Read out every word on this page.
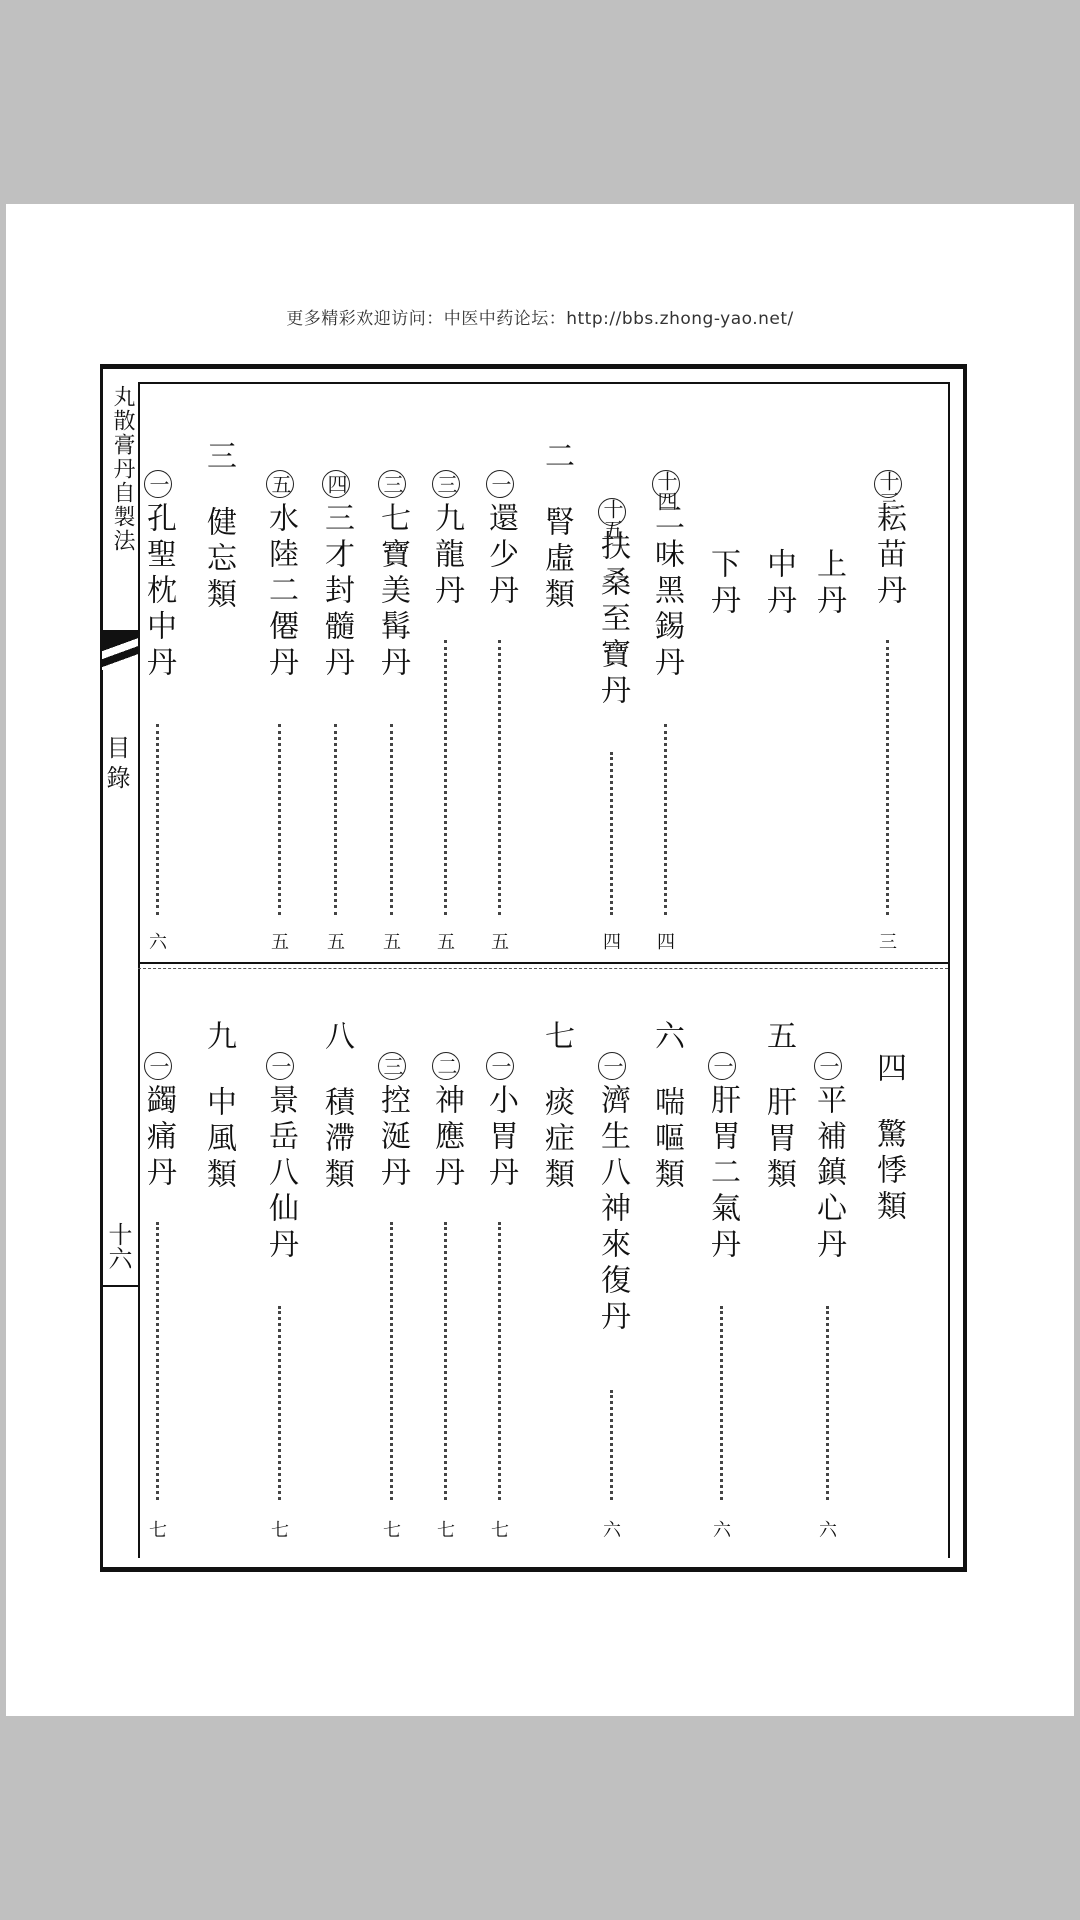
更多精彩欢迎访问：中医中药论坛：http://bbs.zhong-yao.net/
丸散膏丹自製法
目錄
十六
十三耘苗丹
三
上丹
中丹
下丹
十四二味黑錫丹
四
十五扶桑至寶丹
四
二腎虛類
一還少丹
五
三九龍丹
五
三七寶美髯丹
五
四三才封髓丹
五
五水陸二僊丹
五
三健忘類
一孔聖枕中丹
六
四驚悸類
一平補鎮心丹
六
五肝胃類
一肝胃二氣丹
六
六喘嘔類
一濟生八神來復丹
六
七痰症類
一小胃丹
七
二神應丹
七
三控涎丹
七
八積滯類
一景岳八仙丹
七
九中風類
一蠲痛丹
七
